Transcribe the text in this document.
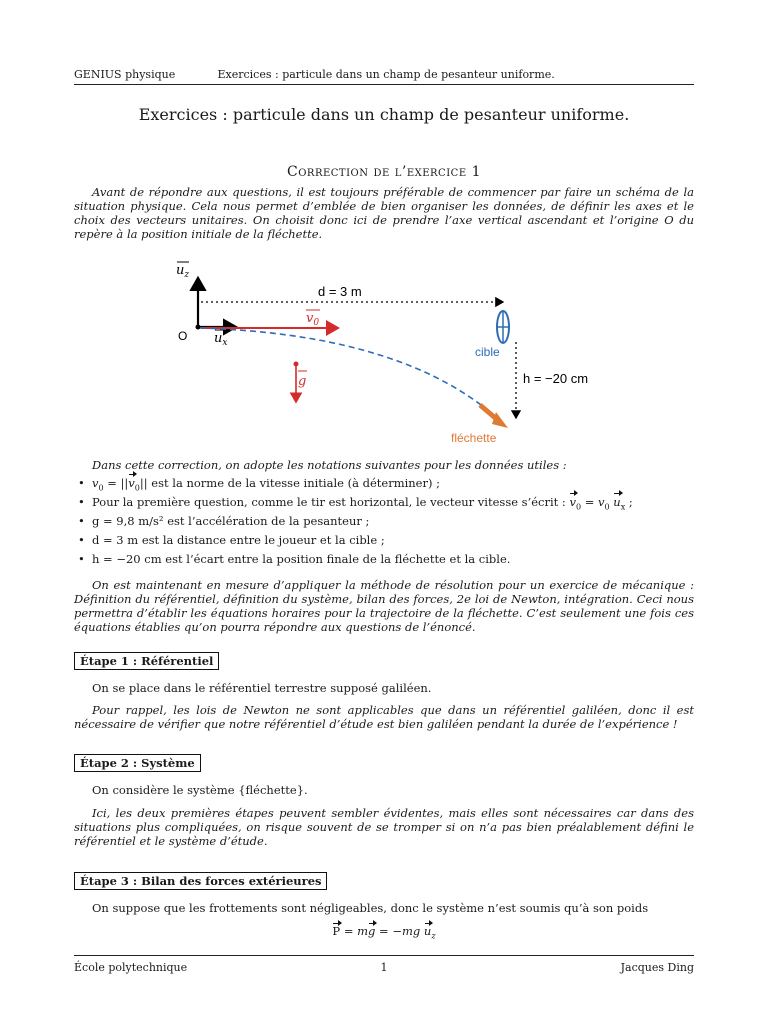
GENIUS physique	Exercices : particule dans un champ de pesanteur uniforme.
Exercices : particule dans un champ de pesanteur uniforme.
Correction de l’exercice 1
Avant de répondre aux questions, il est toujours préférable de commencer par faire un schéma de la situation physique. Cela nous permet d’emblée de bien organiser les données, de définir les axes et le choix des vecteurs unitaires. On choisit donc ici de prendre l’axe vertical ascendant et l’origine O du repère à la position initiale de la fléchette.
$u_z$
d = 3 m
O $u_x$
$v_0$
fléchette
cible
h = −20 cm
g
Dans cette correction, on adopte les notations suivantes pour les données utiles :
• $v_0 = ||v_0||$ est la norme de la vitesse initiale (à déterminer) ;
• Pour la première question, comme le tir est horizontal, le vecteur vitesse s’écrit : $v_0 = v_0$ $u_x$ ;
• g = 9,8 m/s² est l’accélération de la pesanteur ;
• d = 3 m est la distance entre le joueur et la cible ;
• h = −20 cm est l’écart entre la position finale de la fléchette et la cible.
On est maintenant en mesure d’appliquer la méthode de résolution pour un exercice de mécanique : Définition du référentiel, définition du système, bilan des forces, 2e loi de Newton, intégration. Ceci nous permettra d’établir les équations horaires pour la trajectoire de la fléchette. C’est seulement une fois ces équations établies qu’on pourra répondre aux questions de l’énoncé.
Étape 1 : Référentiel
On se place dans le référentiel terrestre supposé galiléen.
Pour rappel, les lois de Newton ne sont applicables que dans un référentiel galiléen, donc il est nécessaire de vérifier que notre référentiel d’étude est bien galiléen pendant la durée de l’expérience !
Étape 2 : Système
On considère le système {fléchette}.
Ici, les deux premières étapes peuvent sembler évidentes, mais elles sont nécessaires car dans des situations plus compliquées, on risque souvent de se tromper si on n’a pas bien préalablement défini le référentiel et le système d’étude.
Étape 3 : Bilan des forces extérieures
On suppose que les frottements sont négligeables, donc le système n’est soumis qu’à son poids
P = mg = −mg $u_z$
École polytechnique	1	Jacques Ding
